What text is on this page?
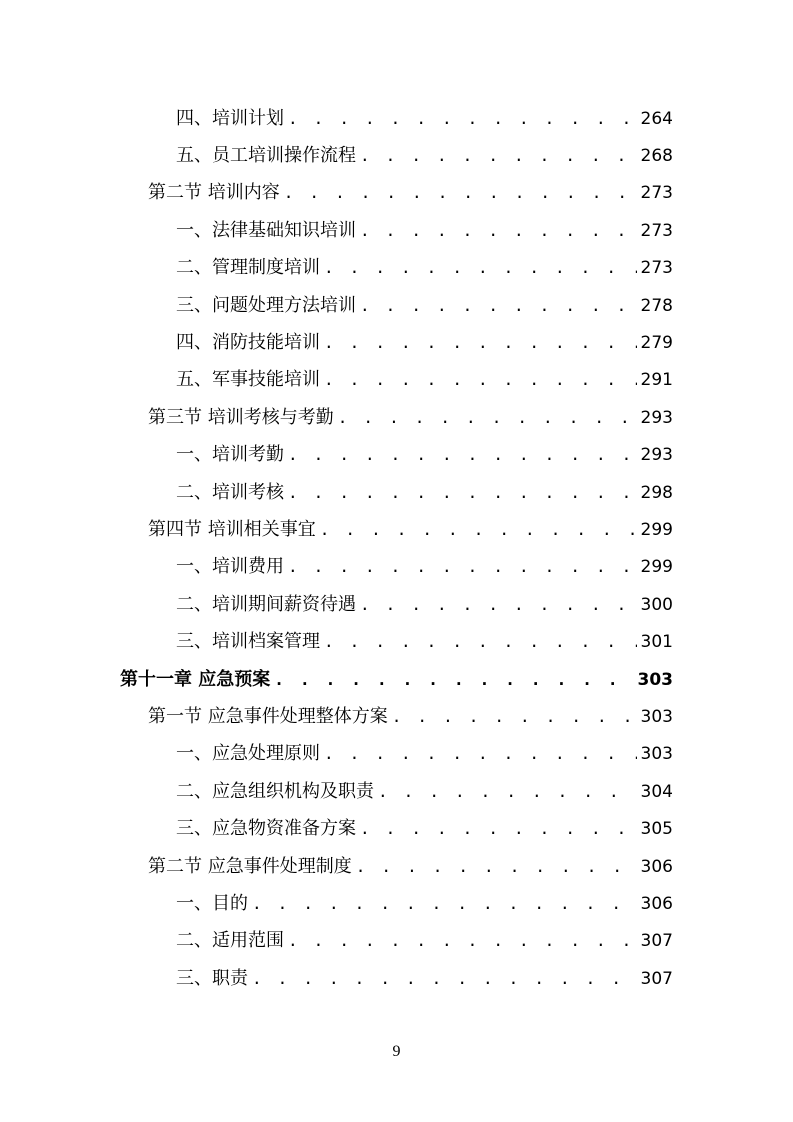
四、培训计划 . . .	264
五、员工培训操作流程 . . .	268
第二节 培训内容 . . .	273
一、法律基础知识培训 . . .	273
二、管理制度培训 . . .	273
三、问题处理方法培训 . . .	278
四、消防技能培训 . . .	279
五、军事技能培训 . . .	291
第三节 培训考核与考勤 . . .	293
一、培训考勤 . . .	293
二、培训考核 . . .	298
第四节 培训相关事宜 . . .	299
一、培训费用 . . .	299
二、培训期间薪资待遇 . . .	300
三、培训档案管理 . . .	301
第十一章 应急预案 . . .	303
第一节 应急事件处理整体方案 . . .	303
一、应急处理原则 . . .	303
二、应急组织机构及职责 . . .	304
三、应急物资准备方案 . . .	305
第二节 应急事件处理制度 . . .	306
一、目的 . . .	306
二、适用范围 . . .	307
三、职责 . . .	307
9
